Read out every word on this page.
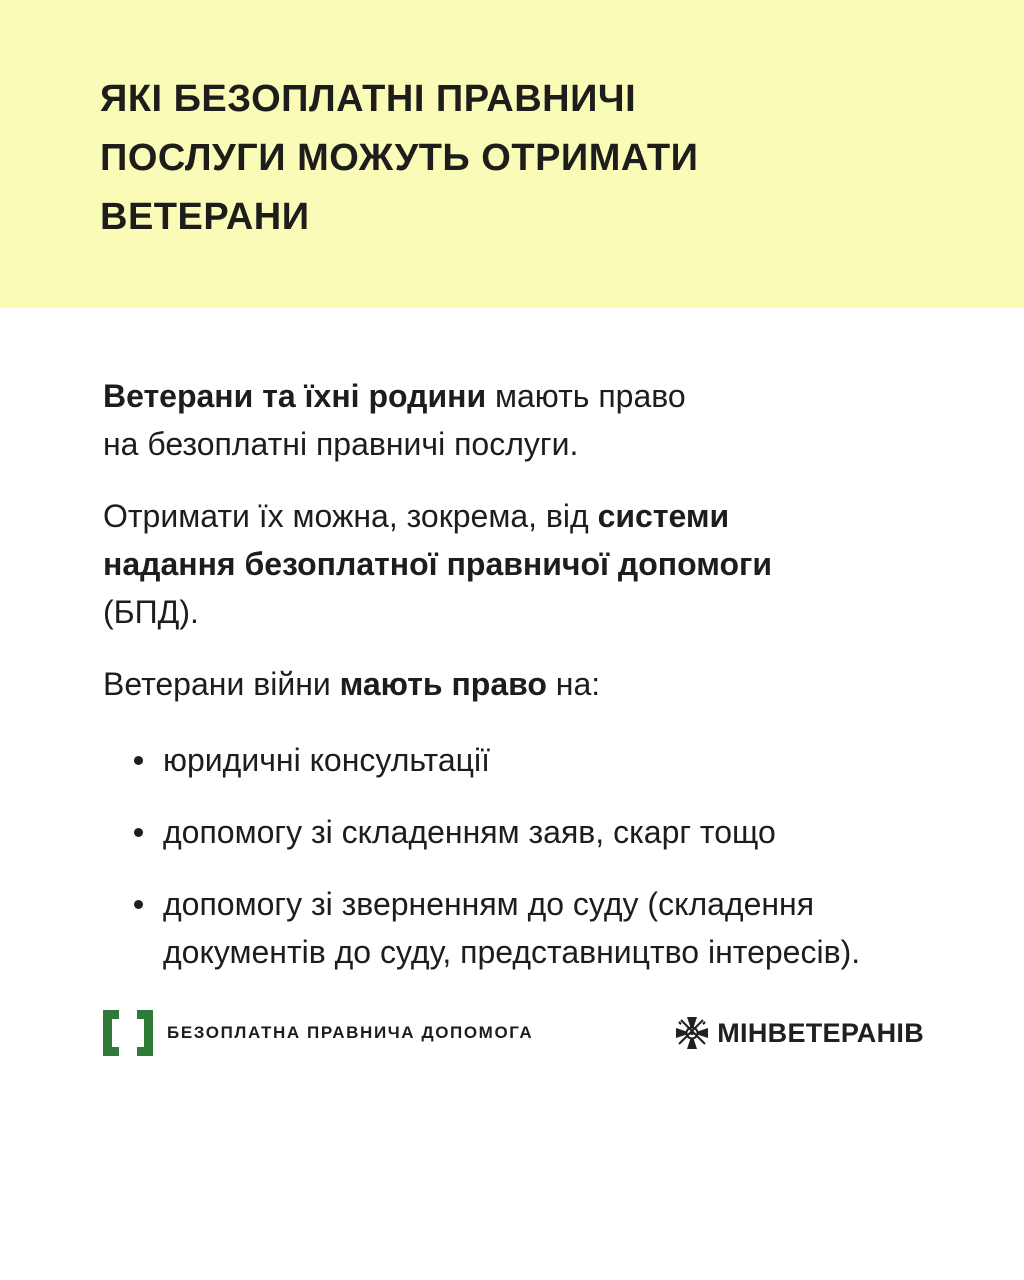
ЯКІ БЕЗОПЛАТНІ ПРАВНИЧІ
ПОСЛУГИ МОЖУТЬ ОТРИМАТИ
ВЕТЕРАНИ

Ветерани та їхні родини мають право
на безоплатні правничі послуги.

Отримати їх можна, зокрема, від системи
надання безоплатної правничої допомоги
(БПД).

Ветерани війни мають право на:

юридичні консультації
допомогу зі складенням заяв, скарг тощо
допомогу зі зверненням до суду (складення документів до суду, представництво інтересів).
БЕЗОПЛАТНА ПРАВНИЧА ДОПОМОГА	МІНВЕТЕРАНІВ
